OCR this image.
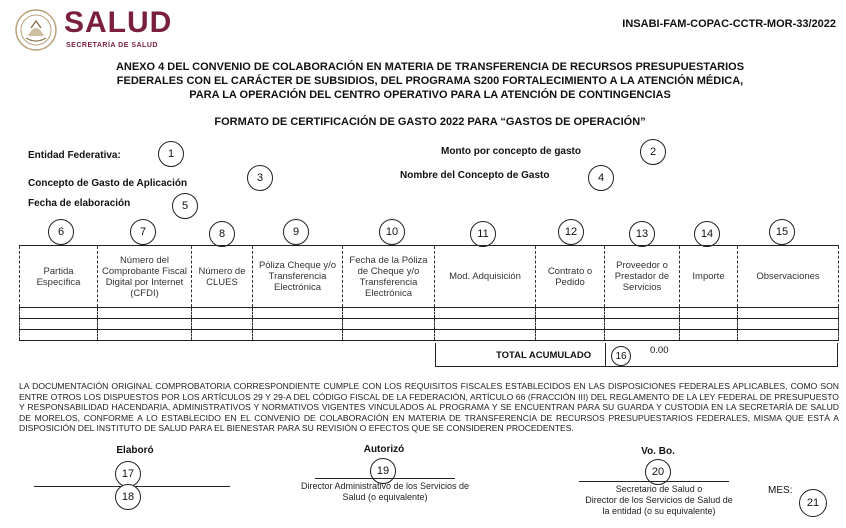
SALUD
SECRETARÍA DE SALUD
INSABI-FAM-COPAC-CCTR-MOR-33/2022
ANEXO 4 DEL CONVENIO DE COLABORACIÓN EN MATERIA DE TRANSFERENCIA DE RECURSOS PRESUPUESTARIOS
FEDERALES CON EL CARÁCTER DE SUBSIDIOS, DEL PROGRAMA S200 FORTALECIMIENTO A LA ATENCIÓN MÉDICA,
PARA LA OPERACIÓN DEL CENTRO OPERATIVO PARA LA ATENCIÓN DE CONTINGENCIAS
FORMATO DE CERTIFICACIÓN DE GASTO 2022 PARA “GASTOS DE OPERACIÓN”
Entidad Federativa:	1	Monto por concepto de gasto	2
Concepto de Gasto de Aplicación	3	Nombre del Concepto de Gasto	4
Fecha de elaboración	5
6	7	8	9	10	11	12	13	14	15
Partida Específica	Número del Comprobante Fiscal Digital por Internet (CFDI)	Número de CLUES	Póliza Cheque y/o Transferencia Electrónica	Fecha de la Póliza de Cheque y/o Transferencia Electrónica	Mod. Adquisición	Contrato o Pedido	Proveedor o Prestador de Servicios	Importe	Observaciones

TOTAL ACUMULADO	16	0.00
LA DOCUMENTACIÓN ORIGINAL COMPROBATORIA CORRESPONDIENTE CUMPLE CON LOS REQUISITOS FISCALES ESTABLECIDOS EN LAS DISPOSICIONES FEDERALES APLICABLES, COMO SON ENTRE OTROS LOS DISPUESTOS POR LOS ARTÍCULOS 29 Y 29-A DEL CÓDIGO FISCAL DE LA FEDERACIÓN, ARTÍCULO 66 (FRACCIÓN III) DEL REGLAMENTO DE LA LEY FEDERAL DE PRESUPUESTO Y RESPONSABILIDAD HACENDARIA, ADMINISTRATIVOS Y NORMATIVOS VIGENTES VINCULADOS AL PROGRAMA Y SE ENCUENTRAN PARA SU GUARDA Y CUSTODIA EN LA SECRETARÍA DE SALUD DE MORELOS, CONFORME A LO ESTABLECIDO EN EL CONVENIO DE COLABORACIÓN EN MATERIA DE TRANSFERENCIA DE RECURSOS PRESUPUESTARIOS FEDERALES, MISMA QUE ESTÁ A DISPOSICIÓN DEL INSTITUTO DE SALUD PARA EL BIENESTAR PARA SU REVISIÓN O EFECTOS QUE SE CONSIDEREN PROCEDENTES.
Elaboró
17
18
Autorizó
19
Director Administrativo de los Servicios de Salud (o equivalente)
Vo. Bo.
20
Secretario de Salud o
Director de los Servicios de Salud de
la entidad (o su equivalente)
MES:
21
